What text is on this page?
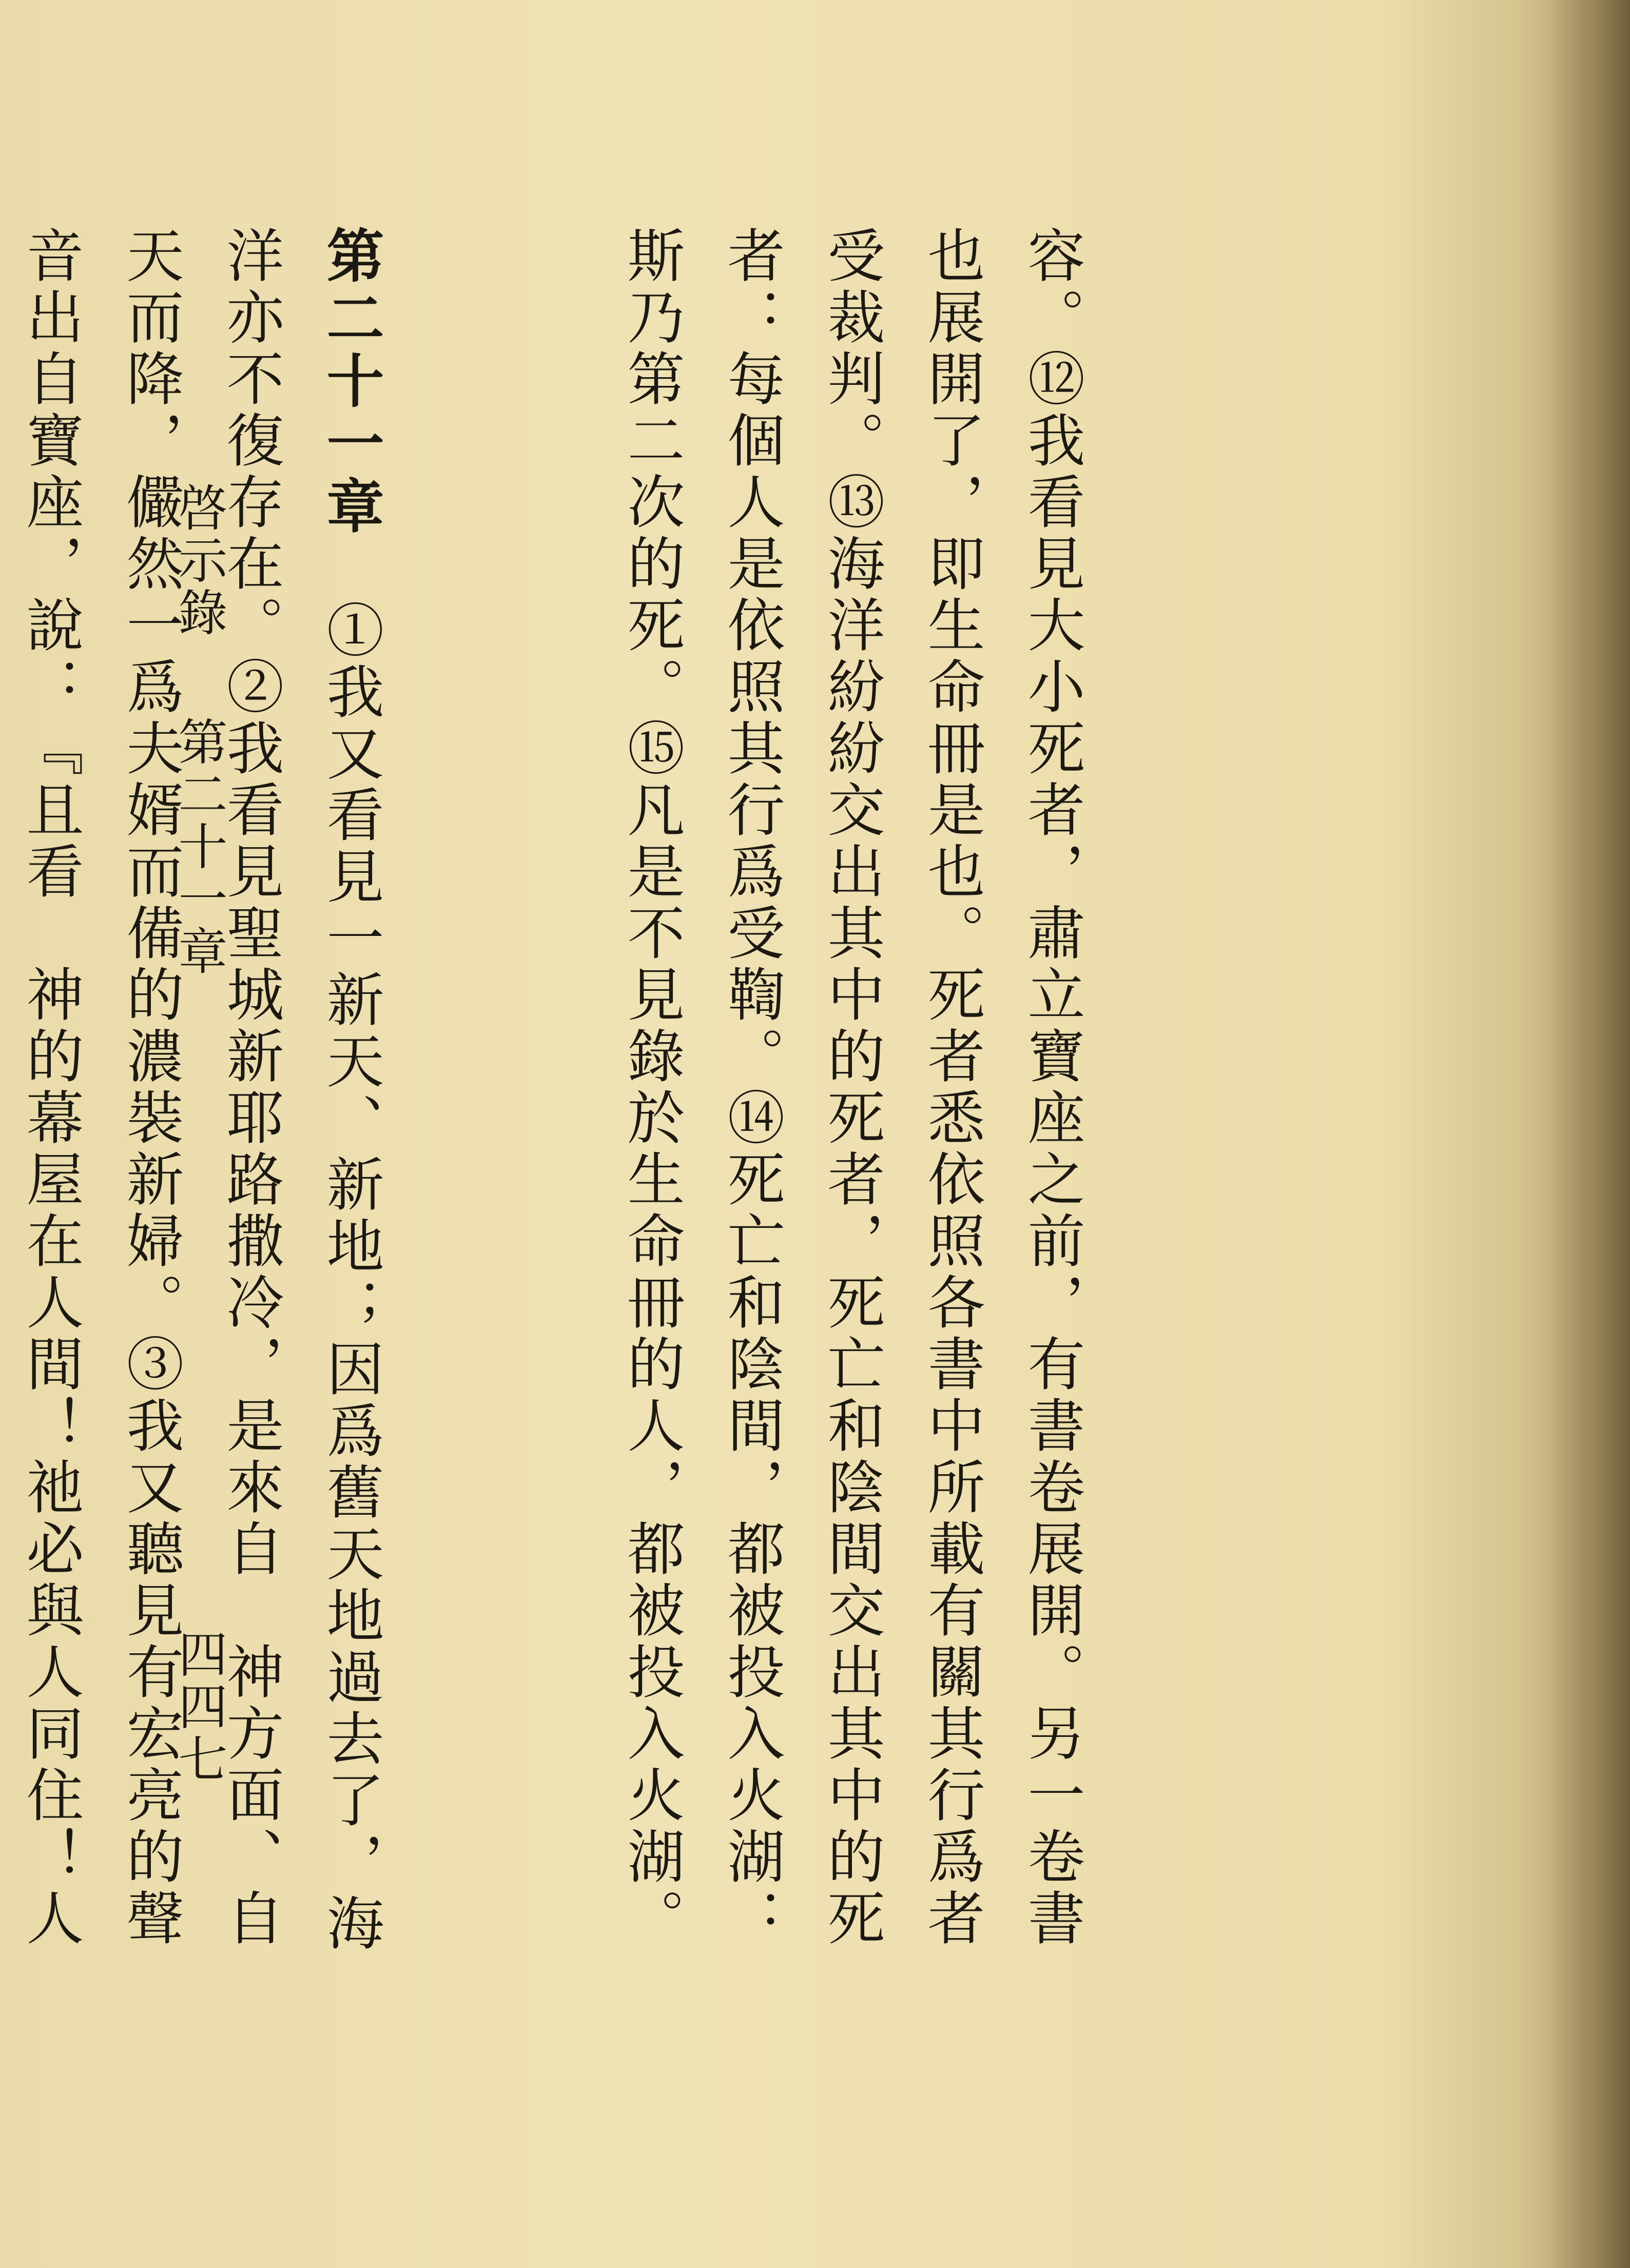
容。⑫我看見大小死者，肅立寶座之前，有書卷展開。另一卷書也展開了，即生命冊是也。死者悉依照各書中所載有關其行爲者受裁判。⑬海洋紛紛交出其中的死者，死亡和陰間交出其中的死者：每個人是依照其行爲受鞫。⑭死亡和陰間，都被投入火湖：斯乃第二次的死。⑮凡是不見錄於生命冊的人，都被投入火湖。

第二十一章　①我又看見一新天、新地；因爲舊天地過去了，海洋亦不復存在。②我看見聖城新耶路撒冷，是來自　神方面、自天而降，儼然一爲夫婿而備的濃裝新婦。③我又聽見有宏亮的聲音出自寶座，說：『且看　神的幕屋在人間！祂必與人同住！人　　　

啓示錄
第二十一章
四四七
